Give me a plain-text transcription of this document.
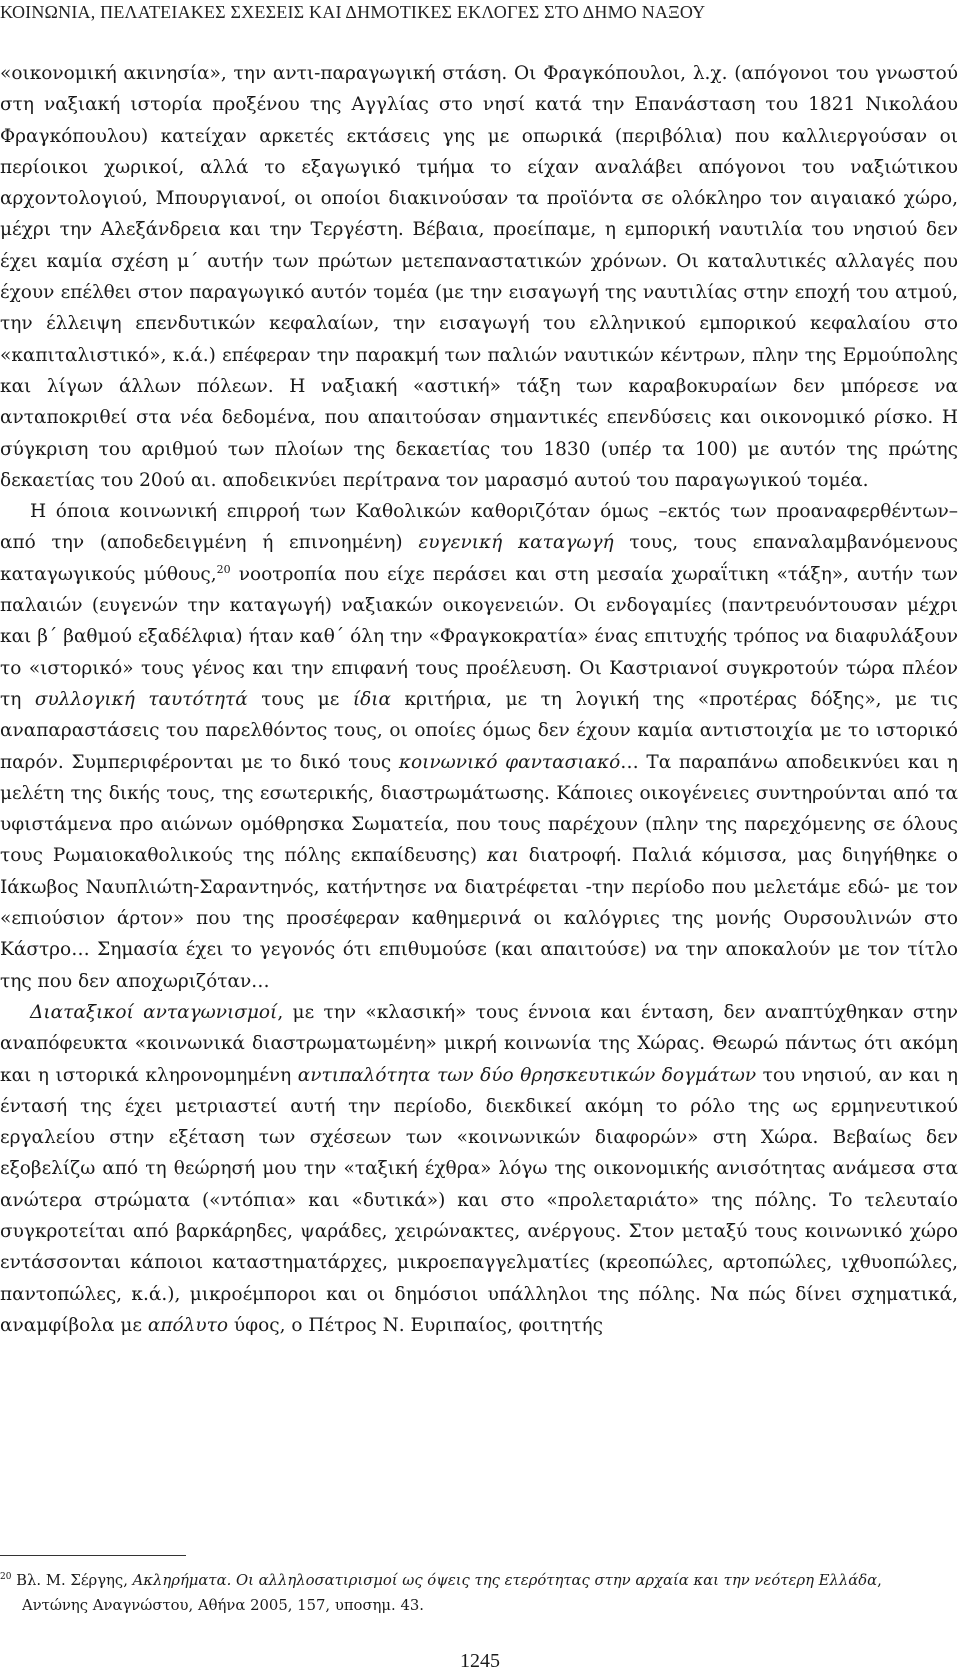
ΚΟΙΝΩΝΙΑ, ΠΕΛΑΤΕΙΑΚΕΣ ΣΧΕΣΕΙΣ ΚΑΙ ΔΗΜΟΤΙΚΕΣ ΕΚΛΟΓΕΣ ΣΤΟ ΔΗΜΟ ΝΑΞΟΥ

«οικονομική ακινησία», την αντι-παραγωγική στάση. Οι Φραγκόπουλοι, λ.χ. (απόγονοι του γνωστού στη ναξιακή ιστορία προξένου της Αγγλίας στο νησί κατά την Επανάσταση του 1821 Νικολάου Φραγκόπουλου) κατείχαν αρκετές εκτάσεις γης με οπωρικά (περιβόλια) που καλλιεργούσαν οι περίοικοι χωρικοί, αλλά το εξαγωγικό τμήμα το είχαν αναλάβει απόγονοι του ναξιώτικου αρχοντολογιού, Μπουργιανοί, οι οποίοι διακινούσαν τα προϊόντα σε ολόκληρο τον αιγαιακό χώρο, μέχρι την Αλεξάνδρεια και την Τεργέστη. Βέβαια, προείπαμε, η εμπορική ναυτιλία του νησιού δεν έχει καμία σχέση μ΄ αυτήν των πρώτων μετεπαναστατικών χρόνων. Οι καταλυτικές αλλαγές που έχουν επέλθει στον παραγωγικό αυτόν τομέα (με την εισαγωγή της ναυτιλίας στην εποχή του ατμού, την έλλειψη επενδυτικών κεφαλαίων, την εισαγωγή του ελληνικού εμπορικού κεφαλαίου στο «καπιταλιστικό», κ.ά.) επέφεραν την παρακμή των παλιών ναυτικών κέντρων, πλην της Ερμούπολης και λίγων άλλων πόλεων. Η ναξιακή «αστική» τάξη των καραβοκυραίων δεν μπόρεσε να ανταποκριθεί στα νέα δεδομένα, που απαιτούσαν σημαντικές επενδύσεις και οικονομικό ρίσκο. Η σύγκριση του αριθμού των πλοίων της δεκαετίας του 1830 (υπέρ τα 100) με αυτόν της πρώτης δεκαετίας του 20ού αι. αποδεικνύει περίτρανα τον μαρασμό αυτού του παραγωγικού τομέα.

Η όποια κοινωνική επιρροή των Καθολικών καθοριζόταν όμως –εκτός των προαναφερθέντων– από την (αποδεδειγμένη ή επινοημένη) ευγενική καταγωγή τους, τους επαναλαμβανόμενους καταγωγικούς μύθους,$^{20}$ νοοτροπία που είχε περάσει και στη μεσαία χωραΐτικη «τάξη», αυτήν των παλαιών (ευγενών την καταγωγή) ναξιακών οικογενειών. Οι ενδογαμίες (παντρευόντουσαν μέχρι και β΄ βαθμού εξαδέλφια) ήταν καθ΄ όλη την «Φραγκοκρατία» ένας επιτυχής τρόπος να διαφυλάξουν το «ιστορικό» τους γένος και την επιφανή τους προέλευση. Οι Καστριανοί συγκροτούν τώρα πλέον τη συλλογική ταυτότητά τους με ίδια κριτήρια, με τη λογική της «προτέρας δόξης», με τις αναπαραστάσεις του παρελθόντος τους, οι οποίες όμως δεν έχουν καμία αντιστοιχία με το ιστορικό παρόν. Συμπεριφέρονται με το δικό τους κοινωνικό φαντασιακό… Τα παραπάνω αποδεικνύει και η μελέτη της δικής τους, της εσωτερικής, διαστρωμάτωσης. Κάποιες οικογένειες συντηρούνται από τα υφιστάμενα προ αιώνων ομόθρησκα Σωματεία, που τους παρέχουν (πλην της παρεχόμενης σε όλους τους Ρωμαιοκαθολικούς της πόλης εκπαίδευσης) και διατροφή. Παλιά κόμισσα, μας διηγήθηκε ο Ιάκωβος Ναυπλιώτη-Σαραντηνός, κατήντησε να διατρέφεται -την περίοδο που μελετάμε εδώ- με τον «επιούσιον άρτον» που της προσέφεραν καθημερινά οι καλόγριες της μονής Ουρσουλινών στο Κάστρο… Σημασία έχει το γεγονός ότι επιθυμούσε (και απαιτούσε) να την αποκαλούν με τον τίτλο της που δεν αποχωριζόταν…

Διαταξικοί ανταγωνισμοί, με την «κλασική» τους έννοια και ένταση, δεν αναπτύχθηκαν στην αναπόφευκτα «κοινωνικά διαστρωματωμένη» μικρή κοινωνία της Χώρας. Θεωρώ πάντως ότι ακόμη και η ιστορικά κληρονομημένη αντιπαλότητα των δύο θρησκευτικών δογμάτων του νησιού, αν και η έντασή της έχει μετριαστεί αυτή την περίοδο, διεκδικεί ακόμη το ρόλο της ως ερμηνευτικού εργαλείου στην εξέταση των σχέσεων των «κοινωνικών διαφορών» στη Χώρα. Βεβαίως δεν εξοβελίζω από τη θεώρησή μου την «ταξική έχθρα» λόγω της οικονομικής ανισότητας ανάμεσα στα ανώτερα στρώματα («ντόπια» και «δυτικά») και στο «προλεταριάτο» της πόλης. Το τελευταίο συγκροτείται από βαρκάρηδες, ψαράδες, χειρώνακτες, ανέργους. Στον μεταξύ τους κοινωνικό χώρο εντάσσονται κάποιοι καταστηματάρχες, μικροεπαγγελματίες (κρεοπώλες, αρτοπώλες, ιχθυοπώλες, παντοπώλες, κ.ά.), μικροέμποροι και οι δημόσιοι υπάλληλοι της πόλης. Να πώς δίνει σχηματικά, αναμφίβολα με απόλυτο ύφος, ο Πέτρος Ν. Ευριπαίος, φοιτητής

$^{20}$ Βλ. Μ. Σέργης, Ακληρήματα. Οι αλληλοσατιρισμοί ως όψεις της ετερότητας στην αρχαία και την νεότερη Ελλάδα,
Αντώνης Αναγνώστου, Αθήνα 2005, 157, υποσημ. 43.
1245
